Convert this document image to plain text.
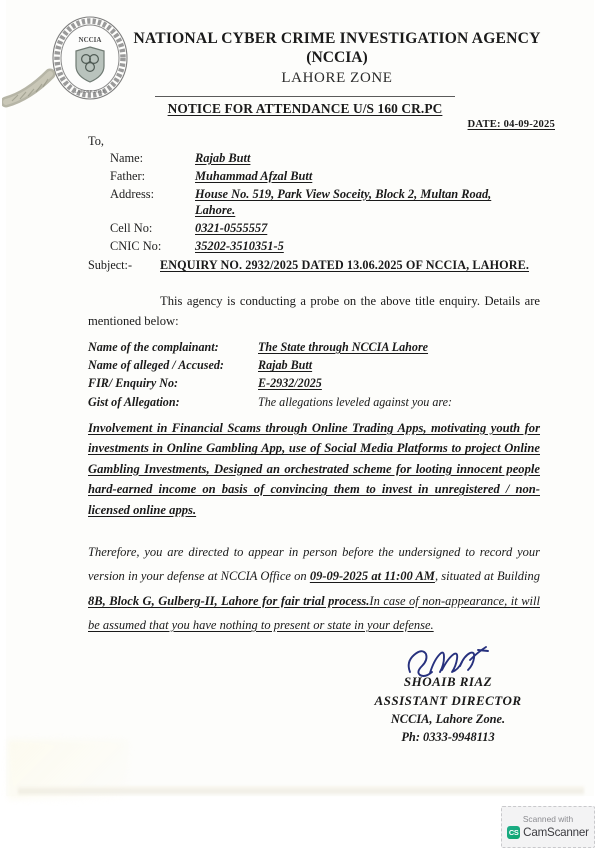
NCCIA
LAHORE ZONE
NATIONAL CYBER CRIME INVESTIGATION AGENCY
(NCCIA)
LAHORE ZONE
NOTICE FOR ATTENDANCE U/S 160 CR.PC
DATE: 04-09-2025
To,
Name:	Rajab Butt
Father:	Muhammad Afzal Butt
Address:	House No. 519, Park View Soceity, Block 2, Multan Road,
Lahore.

Cell No:	0321-0555557
CNIC No:	35202-3510351-5
Subject:- ENQUIRY NO. 2932/2025 DATED 13.06.2025 OF NCCIA, LAHORE.
This agency is conducting a probe on the above title enquiry. Details are mentioned below:
Name of the complainant:	The State through NCCIA Lahore
Name of alleged / Accused:	Rajab Butt
FIR/ Enquiry No:	E-2932/2025
Gist of Allegation:	The allegations leveled against you are:
Involvement in Financial Scams through Online Trading Apps, motivating youth for investments in Online Gambling App, use of Social Media Platforms to project Online Gambling Investments, Designed an orchestrated scheme for looting innocent people hard-earned income on basis of convincing them to invest in unregistered / non-licensed online apps.
Therefore, you are directed to appear in person before the undersigned to record your version in your defense at NCCIA Office on 09-09-2025 at 11:00 AM, situated at Building 8B, Block G, Gulberg-II, Lahore for fair trial process.In case of non-appearance, it will be assumed that you have nothing to present or state in your defense.
SHOAIB RIAZ
ASSISTANT DIRECTOR
NCCIA, Lahore Zone.
Ph: 0333-9948113
Scanned with
CS CamScanner
